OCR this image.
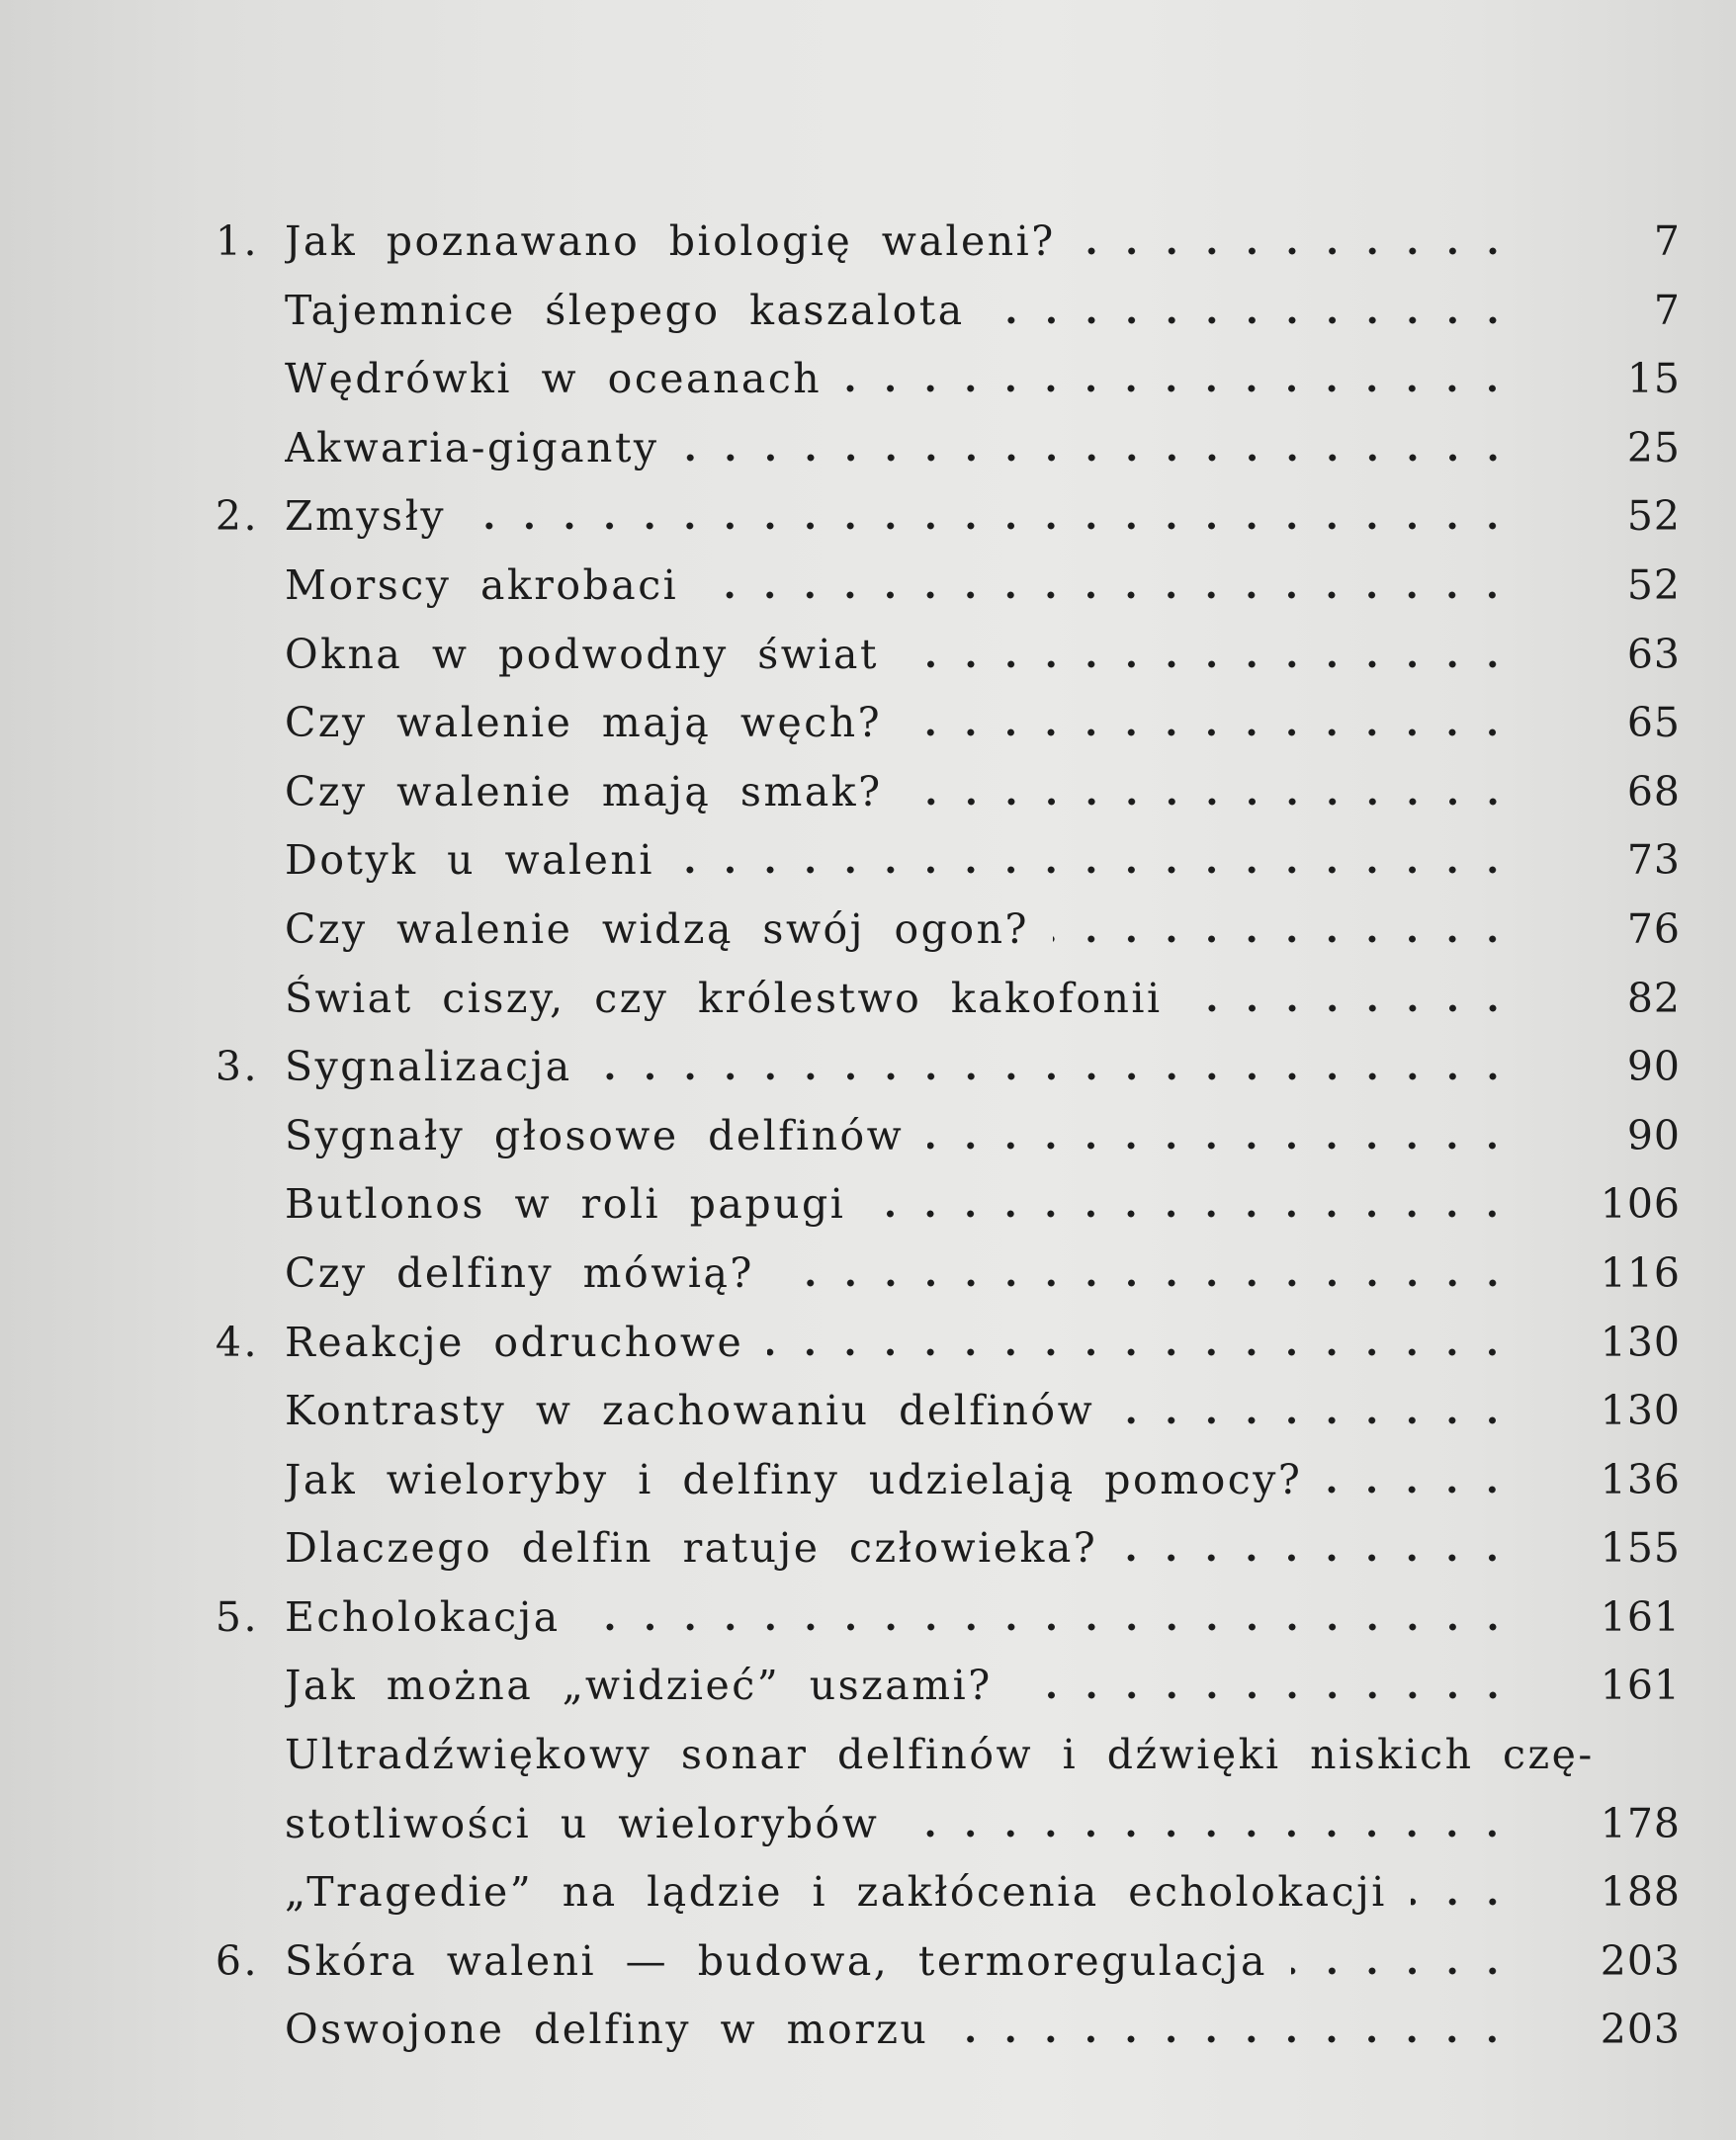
1. Jak poznawano biologię waleni?	7
Tajemnice ślepego kaszalota	7
Wędrówki w oceanach	15
Akwaria-giganty	25
2. Zmysły	52
Morscy akrobaci	52
Okna w podwodny świat	63
Czy walenie mają węch?	65
Czy walenie mają smak?	68
Dotyk u waleni	73
Czy walenie widzą swój ogon?	76
Świat ciszy, czy królestwo kakofonii	82
3. Sygnalizacja	90
Sygnały głosowe delfinów	90
Butlonos w roli papugi	106
Czy delfiny mówią?	116
4. Reakcje odruchowe	130
Kontrasty w zachowaniu delfinów	130
Jak wieloryby i delfiny udzielają pomocy?	136
Dlaczego delfin ratuje człowieka?	155
5. Echolokacja	161
Jak można „widzieć” uszami?	161
Ultradźwiękowy sonar delfinów i dźwięki niskich czę-
stotliwości u wielorybów	178
„Tragedie” na lądzie i zakłócenia echolokacji	188
6. Skóra waleni — budowa, termoregulacja	203
Oswojone delfiny w morzu	203
